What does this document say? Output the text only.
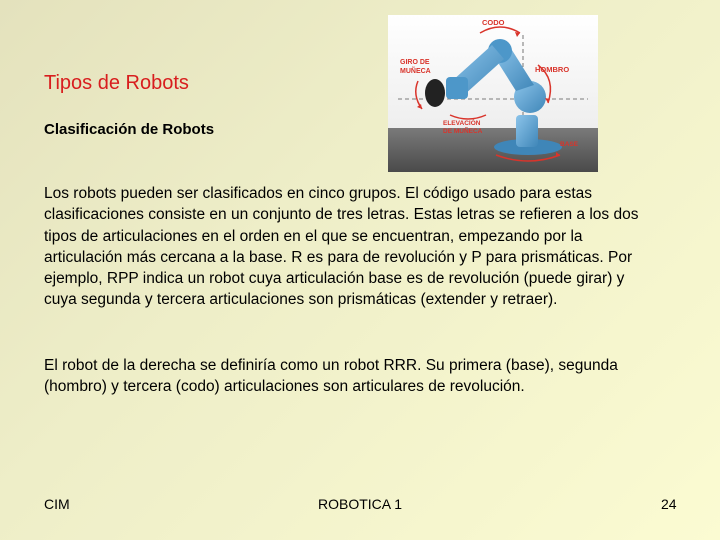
Tipos de Robots
Clasificación de Robots
CODO
HOMBRO
GIRO DE
MUÑECA
ELEVACIÓN
DE MUÑECA
BASE

Los robots pueden ser clasificados en cinco grupos. El código usado para estas clasificaciones consiste en un conjunto de tres letras. Estas letras se refieren a los dos tipos de articulaciones en el orden en el que se encuentran, empezando por la articulación más cercana a la base. R es para de revolución y P para prismáticas. Por ejemplo, RPP indica un robot cuya articulación base es de revolución (puede girar) y cuya segunda y tercera articulaciones son prismáticas (extender y retraer).

El robot de la derecha se definiría como un robot RRR. Su primera (base), segunda (hombro) y tercera (codo) articulaciones son articulares de revolución.

CIM	ROBOTICA 1	24
